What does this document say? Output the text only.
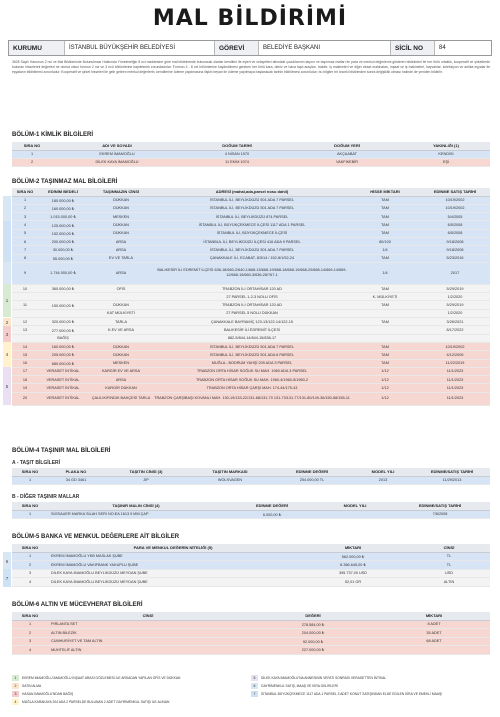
MAL BİLDİRİMİ
KURUMU	İSTANBUL BÜYÜKŞEHİR BELEDİYESİ	GÖREVİ	BELEDİYE BAŞKANI	SİCİL NO	84
3628 Sayılı Kanunun 2 nci ve Mal Bildiriminde Bulunulması Hakkında Yönetmeliğin 8 nci maddesine göre mal bildiriminde bulunacak olanlar kendileri ile eşleri ve velayetleri altındaki çocuklarının taşınır ve taşınmaz malları ile para ve menkul değerlerini gösteren bildirimleri ile her türlü ortaklık, kooperatif ve şirketlerde bulunan hisselerini değerleri ne olursa olsun formun 2 nci ve 3 ncü bölümlerine kaydetmek zorundadırlar. Formun 4 - 8 nci bölümlerine kaydedilmesi gereken her türlü kara, deniz ve hava taşıt araçları, traktör, iş makineleri ve diğer ziraat makinaları, inşaat ve iş makineleri, hayvanlar, koleksiyon ve antika eşyalar ile eşyaların bildirilmesi zorunludur. Kooperatif ve şirket hisseleri ile gelir getiren menkul değerlerin, kendilerine ödeme yapılmasına ilişkin beyan ile ödeme yapılmaya başlanacak tarihin bildirilmesi zorunludur; bu bilgiler bir önceki bildirimden sonra değişiklik olması halinde de yeniden bildirilir.
BÖLÜM-1 KİMLİK BİLGİLERİ
SIRA NO	ADI VE SOYADI	DOĞUM TARİHİ	DOĞUM YERİ	YAKINLIĞI (1)
1	EKREM İMAMOĞLU	4 NİSAN 1970	AKÇAABAT	KENDİSİ
2	DİLEK KAYA İMAMOĞLU	11 EKİM 1974	VAKFIKEBİR	EŞİ
BÖLÜM-2 TAŞINMAZ MAL BİLGİLERİ
SIRA NO	EDİNİM BEDELİ	TAŞINMAZIN CİNSİ	ADRESİ (mahal,ada,parsel nosu dahil)	HİSSE MİKTARI	EDİNME SATIŞ TARİHİ
1	180.000,00 ₺	DÜKKAN	İSTANBUL İLİ, BEYLİKDÜZÜ 501 ADA 7 PARSEL	TAM	10/19/2002
2	160.000,00 ₺	DÜKKAN	İSTANBUL İLİ, BEYLİKDÜZÜ 501 ADA 7 PARSEL	TAM	10/19/2002
3	1.015.000,00 ₺	MESKEN	İSTANBUL İLİ, BEYLİKDÜZÜ 874 PARSEL	TAM	5/4/2005
4	125.000,00 ₺	DÜKKAN	İSTANBUL İLİ, BÜYÜKÇEKMECE İLÇESİ 1117 ADA 1 PARSEL	TAM	6/5/2008
5	152.000,00 ₺	DÜKKAN	İSTANBUL İLİ, BÜYÜKÇEKMECE İLÇESİ	TAM	6/5/2008
6	200.000,00 ₺	ARSA	İSTANBUL İLİ, BEYLİKDÜZÜ İLÇESİ 416 ADA 9 PARSEL	80/100	9/18/2008
7	30.000,00 ₺	ARSA	İSTANBUL İLİ, BEYLİKDÜZÜ 501 ADA 7 PARSEL	1/4	9/18/2008
8	55.000,00 ₺	EV VE TARLA	ÇANAKKALE İLİ, ECABAT, 8/3/14 / 152-8/1/52-24	TAM	5/23/2016
9	1.744.000,00 ₺	ARSA	BALIKESİR İLİ EDREMİT İLÇESİ 636-18/660-2/640-1/668-15/668-19/668-18/668-19/668-20/668-14/669-14/669-12/668-15/660-3/636-28/767-1	1/4	2017
10	360.000,00 ₺	OFİS	TRABZON İLİ ORTAHİSAR 120 AD	TAM	5/29/2019
			27 PARSEL 1-2-3 NOLU OFİS	K. MÜLKİYETİ	1/2/2020
11	150.000,00 ₺	DÜKKAN	TRABZON İLİ ORTAHİSAR 120 AD	TAM	5/29/2019
		KAT MÜLKİYETİ	27 PARSEL 5 NOLU DÜKKAN		1/2/2020
12	320.000,00 ₺	TARLA	ÇANAKKALE BAYRAMİÇ 123-13/122-14/122-15	TAM	3/26/2021
13	277.000,00 ₺	K.EV VE ARSA	BALIKESİR İLİ EDREMİT İLÇESİ		8/17/2022
	BAĞIŞ		882-5/844-14/844-15/836-17		
14	160.000,00 ₺	DÜKKAN	İSTANBUL İLİ, BEYLİKDÜZÜ 501 ADA 7 PARSEL	TAM	10/19/2002
15	205.000,00 ₺	DÜKKAN	İSTANBUL İLİ, BEYLİKDÜZÜ 501 ADA 6 PARSEL	TAM	4/12/2005
16	680.000,00 ₺	MESKEN	MUĞLA - BODRUM YAHŞİ 209 ADA 3 PARSEL	TAM	11/22/2019
17	VERASET İNTİKAL	KARGİR EV VE ARSA	TRABZON ORTA HİSAR SOĞUK SU MAH. 1960 ADA 3 PARSEL	1/12	11/1/2023
18	VERASET İNTİKAL	ARSA	TRABZON ORTA HİSAR SOĞUK SU MAH. 1960-4/1960-5/1960-2	1/12	11/1/2023
19	VERASET İNTİKAL	KARGİR DÜKKAN	TRABZON ORTA HİSAR ÇARŞI MAH. 174-44/175-43	1/12	11/1/2023
20	VERASET İNTİKAL	ÇALILIK/FINDIK BAHÇESİ TARLA	TRABZON ÇARŞIBAŞI KOVANLI MAH. 130-19/133-22/131-68/131-70 131-73/131-77/131-80/149-36/150-58/155-11	1/12	11/1/2023
1
2
3
4
5
BÖLÜM-4 TAŞINIR MAL BİLGİLERİ
A - TAŞIT BİLGİLERİ
SIRA NO	PLAKA NO	TAŞITIN CİNSİ (3)	TAŞITIN MARKASI	EDİNME DEĞERİ	MODEL YILI	EDİNME/SATIŞ TARİHİ
1	34 GD 3461	JİP	WOLSVAGEN	254.000,00 TL	2013	11/29/2013
B - DİĞER TAŞINIR MALLAR
SIRA NO	TAŞINIR MALIN CİNSİ (4)	EDİNME DEĞERİ	MODEL YILI	EDİNME/SATIŞ TARİHİ
1	SİGSAUER MARKA SİLAH SERİ NO:EA 1613 9 MM ÇAP	6.000,00 ₺		7/8/2008
BÖLÜM-5 BANKA VE MENKUL DEĞERLERE AİT BİLGİLER
SIRA NO	PARA VE MENKUL DEĞERİN NİTELİĞİ (5)	MİKTARI	CİNSİ
1	EKREM İMAMOĞLU YKB MASLAK ŞUBE	562.000,00 ₺	TL
2	EKREM İMAMOĞLU VAKIFBANK YAKUPLU ŞUBE	8.366.645,00 ₺	TL
3	DİLEK KAYA İMAMOĞLU BEYLİKDÜZÜ MEYDAN ŞUBE	395.737,00 USD	USD
4	DİLEK KAYA İMAMOĞLU BEYLİKDÜZÜ MEYDAN ŞUBE	52,01 GR	ALTIN
6
7
BÖLÜM-6 ALTIN VE MÜCEVHERAT BİLGİLERİ
SIRA NO	CİNSİ	DEĞERİ	MİKTARI
1	PIRLANTA SET	278.584,00 ₺	8 ADET
2	ALTIN BİLEZİK	204.000,00 ₺	35 ADET
3	CUMHURİYET VE TAM ALTIN	92.000,00 ₺	68 ADET
4	MUHTELİF ALTIN	227.000,00 ₺	
1	EKREM İMAMOĞLU İMAMOĞLU İNŞAAT ARASI GÖZLEMESİ İLE ARSADAN YAPILAN OFİS VE DÜKKAN	5	DİLEK KAYA İMAMOĞLU'NA ANNESİNİN VEFATI SONRASI VERASETTEN İNTİKAL
2	SATIN ALMA	6	GAYRİMENKUL SATIŞ, MAAŞ VE KİRA GELİRLERİ
3	HASAN İMAMOĞLU'NDAN BAĞIŞ	7	İSTANBUL BÜYÜKÇEKMECE 1117 ADA 1 PARSEL 3 ADET KONUT SATIŞINDAN ELDE EDİLEN KİRA VE EMEKLİ MAAŞI
4	MUĞLA KARAKAYA 204 ADA 2 PARSELDE BULUNAN 2 ADET GAYRİMENKUL SATIŞI İLE ALINAN
